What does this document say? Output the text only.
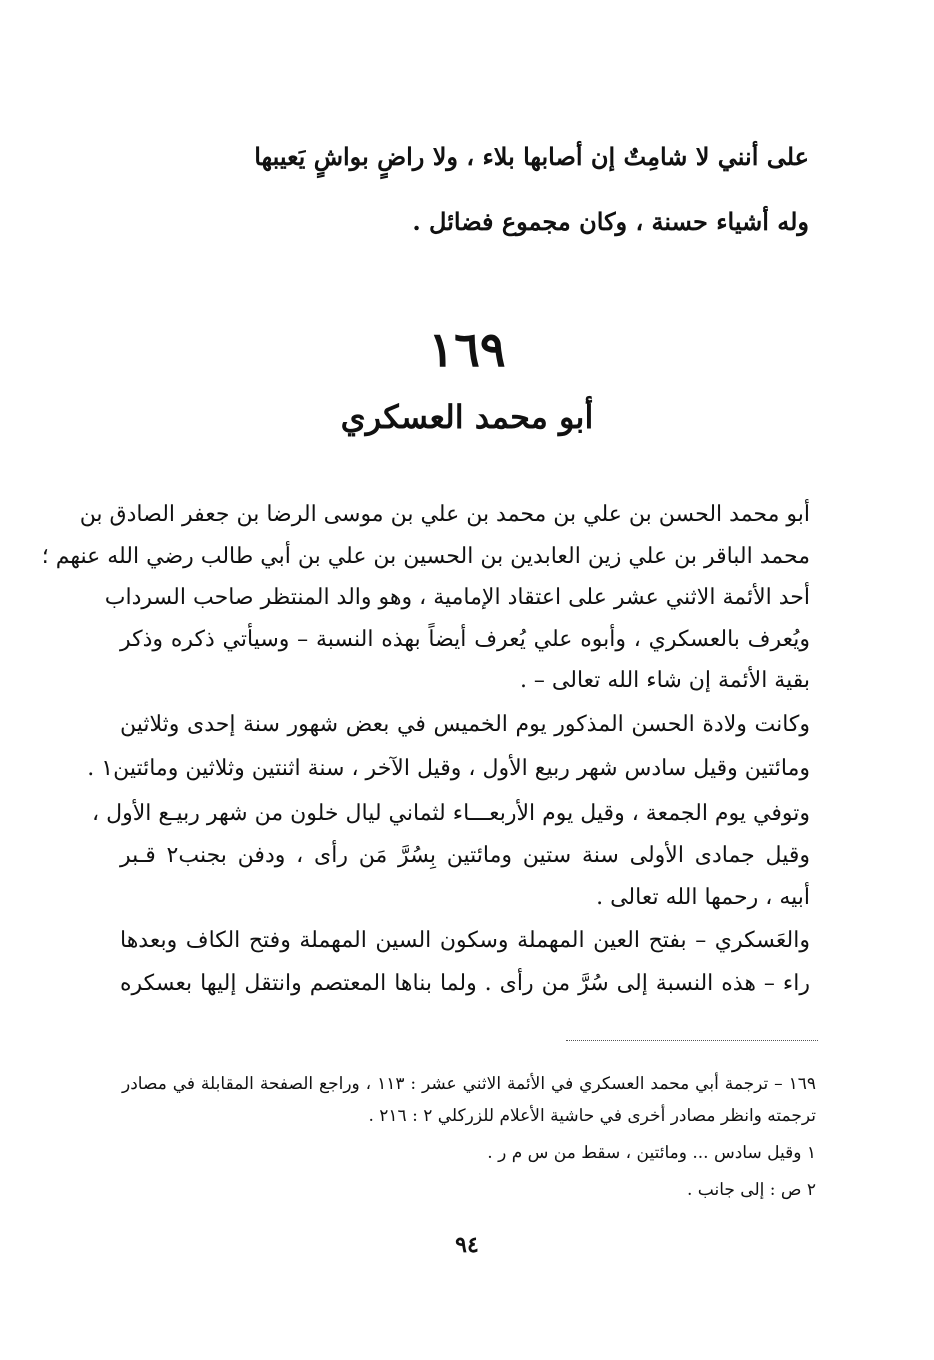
على أنني لا شامِتٌ إن أصابها بلاء ، ولا راضٍ بواشٍ يَعيبها
وله أشياء حسنة ، وكان مجموع فضائل .
١٦٩
أبو محمد العسكري
أبو محمد الحسن بن علي بن محمد بن علي بن موسى الرضا بن جعفر الصادق بن
محمد الباقر بن علي زين العابدين بن الحسين بن علي بن أبي طالب رضي الله عنهم ؛
أحد الأئمة الاثني عشر على اعتقاد الإمامية ، وهو والد المنتظر صاحب السرداب
ويُعرف بالعسكري ، وأبوه علي يُعرف أيضاً بهذه النسبة – وسيأتي ذكره وذكر
بقية الأئمة إن شاء الله تعالى – .
وكانت ولادة الحسن المذكور يوم الخميس في بعض شهور سنة إحدى وثلاثين
ومائتين وقيل سادس شهر ربيع الأول ، وقيل الآخر ، سنة اثنتين وثلاثين ومائتين١ .
وتوفي يوم الجمعة ، وقيل يوم الأربعـــاء لثماني ليال خلون من شهر ربيـع الأول ،
وقيل جمادى الأولى سنة ستين ومائتين بِسُرَّ مَن رأى ، ودفن بجنب٢ قـبر
أبيه ، رحمها الله تعالى .
والعَسكري – بفتح العين المهملة وسكون السين المهملة وفتح الكاف وبعدها
راء – هذه النسبة إلى سُرَّ من رأى . ولما بناها المعتصم وانتقل إليها بعسكره
١٦٩ – ترجمة أبي محمد العسكري في الأئمة الاثني عشر : ١١٣ ، وراجع الصفحة المقابلة في مصادر
ترجمته وانظر مصادر أخرى في حاشية الأعلام للزركلي ٢ : ٢١٦ .
١ وقيل سادس ... ومائتين ، سقط من س م ر .
٢ ص : إلى جانب .
٩٤
